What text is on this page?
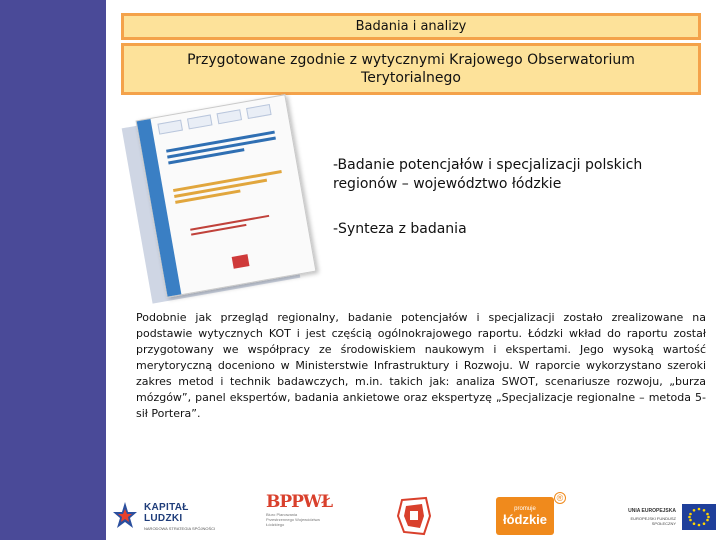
Badania i analizy
Przygotowane zgodnie z wytycznymi Krajowego Obserwatorium Terytorialnego

-Badanie potencjałów i specjalizacji polskich regionów – województwo łódzkie

-Synteza z badania

Podobnie jak przegląd regionalny, badanie potencjałów i specjalizacji zostało zrealizowane na podstawie wytycznych KOT i jest częścią ogólnokrajowego raportu. Łódzki wkład do raportu został przygotowany we współpracy ze środowiskiem naukowym i ekspertami. Jego wysoką wartość merytoryczną doceniono w Ministerstwie Infrastruktury i Rozwoju. W raporcie wykorzystano szeroki zakres metod i technik badawczych, m.in. takich jak: analiza SWOT, scenariusze rozwoju, „burza mózgów”, panel ekspertów, badania ankietowe oraz ekspertyzę „Specjalizacje regionalne – metoda 5-sił Portera”.
KAPITAŁ LUDZKI
NARODOWA STRATEGIA SPÓJNOŚCI
BPPWŁ
Biuro Planowania Przestrzennego Województwa Łódzkiego
promuje
łódzkie
®
UNIA EUROPEJSKA
EUROPEJSKI FUNDUSZ SPOŁECZNY
